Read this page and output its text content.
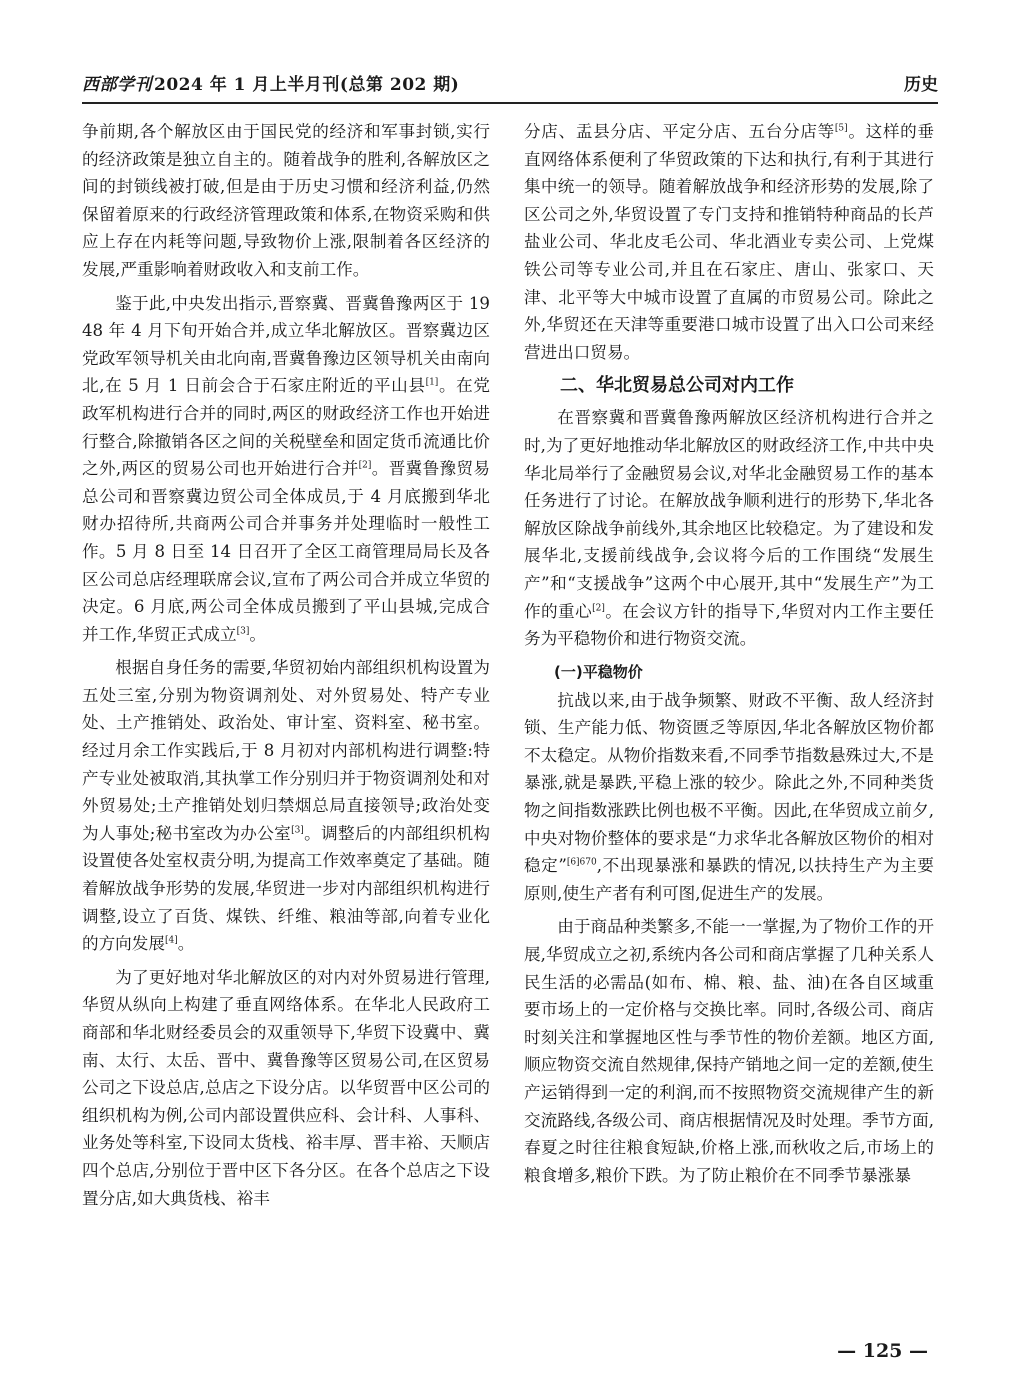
西部学刊 2024 年 1 月上半月刊(总第 202 期)	历史

争前期,各个解放区由于国民党的经济和军事封锁,实行的经济政策是独立自主的。随着战争的胜利,各解放区之间的封锁线被打破,但是由于历史习惯和经济利益,仍然保留着原来的行政经济管理政策和体系,在物资采购和供应上存在内耗等问题,导致物价上涨,限制着各区经济的发展,严重影响着财政收入和支前工作。

鉴于此,中央发出指示,晋察冀、晋冀鲁豫两区于 1948 年 4 月下旬开始合并,成立华北解放区。晋察冀边区党政军领导机关由北向南,晋冀鲁豫边区领导机关由南向北,在 5 月 1 日前会合于石家庄附近的平山县[1]。在党政军机构进行合并的同时,两区的财政经济工作也开始进行整合,除撤销各区之间的关税壁垒和固定货币流通比价之外,两区的贸易公司也开始进行合并[2]。晋冀鲁豫贸易总公司和晋察冀边贸公司全体成员,于 4 月底搬到华北财办招待所,共商两公司合并事务并处理临时一般性工作。5 月 8 日至 14 日召开了全区工商管理局局长及各区公司总店经理联席会议,宣布了两公司合并成立华贸的决定。6 月底,两公司全体成员搬到了平山县城,完成合并工作,华贸正式成立[3]。

根据自身任务的需要,华贸初始内部组织机构设置为五处三室,分别为物资调剂处、对外贸易处、特产专业处、土产推销处、政治处、审计室、资料室、秘书室。经过月余工作实践后,于 8 月初对内部机构进行调整:特产专业处被取消,其执掌工作分别归并于物资调剂处和对外贸易处;土产推销处划归禁烟总局直接领导;政治处变为人事处;秘书室改为办公室[3]。调整后的内部组织机构设置使各处室权责分明,为提高工作效率奠定了基础。随着解放战争形势的发展,华贸进一步对内部组织机构进行调整,设立了百货、煤铁、纤维、粮油等部,向着专业化的方向发展[4]。

为了更好地对华北解放区的对内对外贸易进行管理,华贸从纵向上构建了垂直网络体系。在华北人民政府工商部和华北财经委员会的双重领导下,华贸下设冀中、冀南、太行、太岳、晋中、冀鲁豫等区贸易公司,在区贸易公司之下设总店,总店之下设分店。以华贸晋中区公司的组织机构为例,公司内部设置供应科、会计科、人事科、业务处等科室,下设同太货栈、裕丰厚、晋丰裕、天顺店四个总店,分别位于晋中区下各分区。在各个总店之下设置分店,如大典货栈、裕丰

分店、盂县分店、平定分店、五台分店等[5]。这样的垂直网络体系便利了华贸政策的下达和执行,有利于其进行集中统一的领导。随着解放战争和经济形势的发展,除了区公司之外,华贸设置了专门支持和推销特种商品的长芦盐业公司、华北皮毛公司、华北酒业专卖公司、上党煤铁公司等专业公司,并且在石家庄、唐山、张家口、天津、北平等大中城市设置了直属的市贸易公司。除此之外,华贸还在天津等重要港口城市设置了出入口公司来经营进出口贸易。

二、华北贸易总公司对内工作

在晋察冀和晋冀鲁豫两解放区经济机构进行合并之时,为了更好地推动华北解放区的财政经济工作,中共中央华北局举行了金融贸易会议,对华北金融贸易工作的基本任务进行了讨论。在解放战争顺利进行的形势下,华北各解放区除战争前线外,其余地区比较稳定。为了建设和发展华北,支援前线战争,会议将今后的工作围绕“发展生产”和“支援战争”这两个中心展开,其中“发展生产”为工作的重心[2]。在会议方针的指导下,华贸对内工作主要任务为平稳物价和进行物资交流。

(一)平稳物价

抗战以来,由于战争频繁、财政不平衡、敌人经济封锁、生产能力低、物资匮乏等原因,华北各解放区物价都不太稳定。从物价指数来看,不同季节指数悬殊过大,不是暴涨,就是暴跌,平稳上涨的较少。除此之外,不同种类货物之间指数涨跌比例也极不平衡。因此,在华贸成立前夕,中央对物价整体的要求是“力求华北各解放区物价的相对稳定”$^{[6]670}$,不出现暴涨和暴跌的情况,以扶持生产为主要原则,使生产者有利可图,促进生产的发展。

由于商品种类繁多,不能一一掌握,为了物价工作的开展,华贸成立之初,系统内各公司和商店掌握了几种关系人民生活的必需品(如布、棉、粮、盐、油)在各自区域重要市场上的一定价格与交换比率。同时,各级公司、商店时刻关注和掌握地区性与季节性的物价差额。地区方面,顺应物资交流自然规律,保持产销地之间一定的差额,使生产运销得到一定的利润,而不按照物资交流规律产生的新交流路线,各级公司、商店根据情况及时处理。季节方面,春夏之时往往粮食短缺,价格上涨,而秋收之后,市场上的粮食增多,粮价下跌。为了防止粮价在不同季节暴涨暴

— 125 —
